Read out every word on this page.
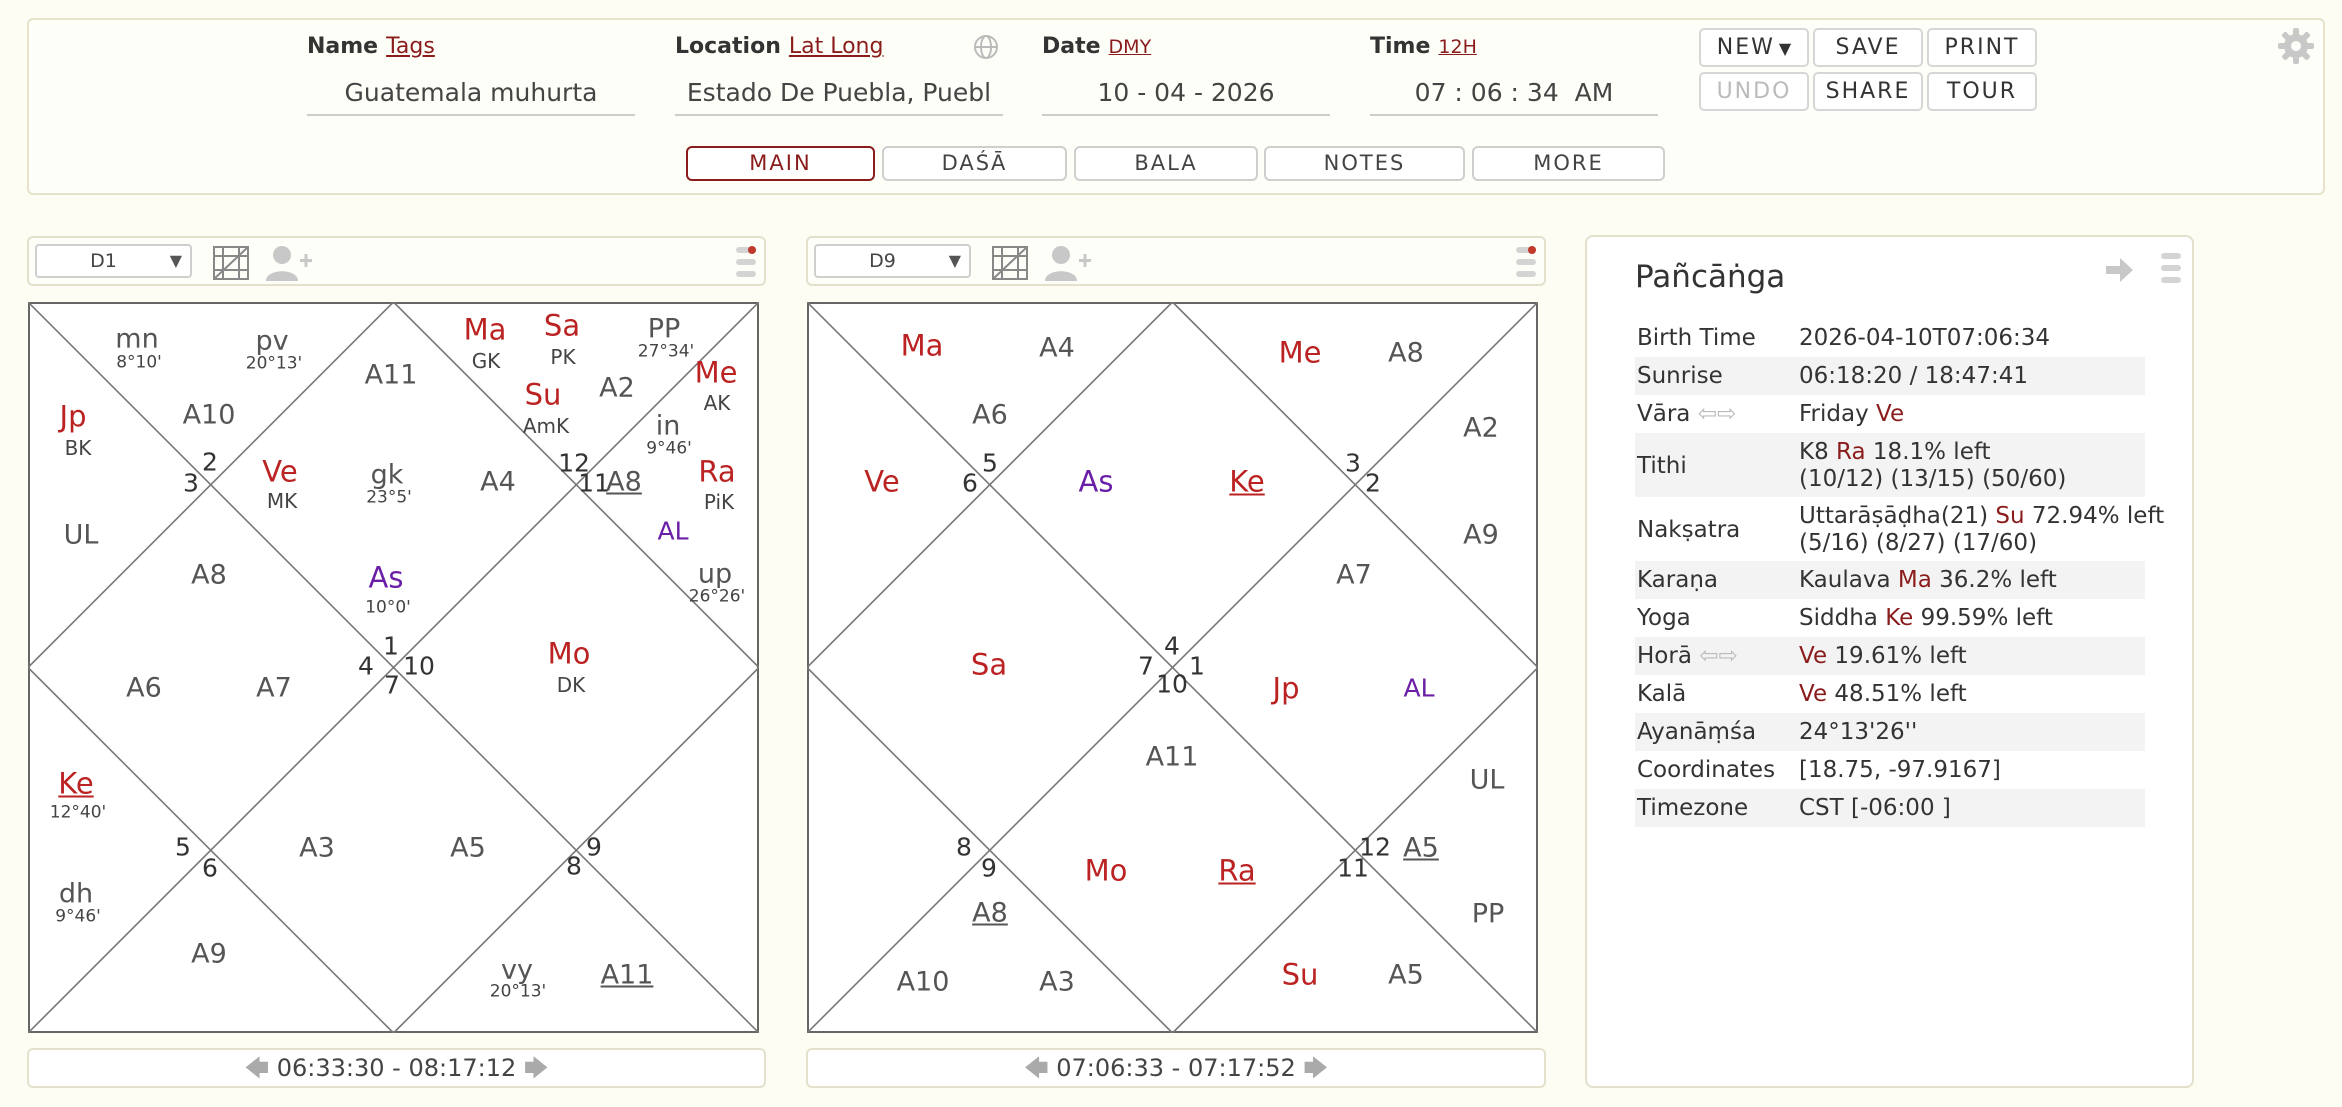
Name Tags
Guatemala muhurta
Location Lat Long
Estado De Puebla, Puebl
Date DMY
10 - 04 - 2026
Time 12H
07 : 06 : 34  AM
NEW ▼	SAVE	PRINT
UNDO	SHARE	TOUR
MAIN	DAŚĀ	BALA	NOTES	MORE
D1	▼
mn
8°10'
pv
20°13' A11
Ma
GK
Sa
PK
PP
27°34'
Me
AK
Su
AmK
A2
in
9°46'
Ra
PiK
AL
Jp
BK
A10
Ve
MK
gk
23°5'	A4	A8
UL
A8	As
10°0'
up
26°26'
Mo
DK
A6	A7
Ke
12°40'
A3	A5
dh
9°46'
A9
vy
20°13'
A11
1
2
3
4
5
6
7
8
9
10
11
12
🡄 06:33:30 - 08:17:12 🡆
D9	▼
Ma	A4
A6
Me A8
A2
Ve	As	Ke
A9
A7
Sa
Jp	AL
A11
UL
A8
Mo	Ra
A5
PP
A10	A3	Su	A5
1
2
3
4
5
6
7
8
9
10
11
12
🡄 07:06:33 - 07:17:52 🡆
Pañcāṅga
Birth Time 2026-04-10T07:06:34
Sunrise	06:18:20 / 18:47:41
Vāra ⇦⇨	Friday Ve
Tithi
K8 Ra 18.1% left
(10/12) (13/15) (50/60)
Nakṣatra
Uttarāṣāḍha(21) Su 72.94% left
(5/16) (8/27) (17/60)
Karaṇa	Kaulava Ma 36.2% left
Yoga	Siddha Ke 99.59% left
Horā ⇦⇨	Ve 19.61% left
Kalā	Ve 48.51% left
Ayanāṃśa 24°13'26''
Coordinates [18.75, -97.9167]
Timezone CST [-06:00 ]
